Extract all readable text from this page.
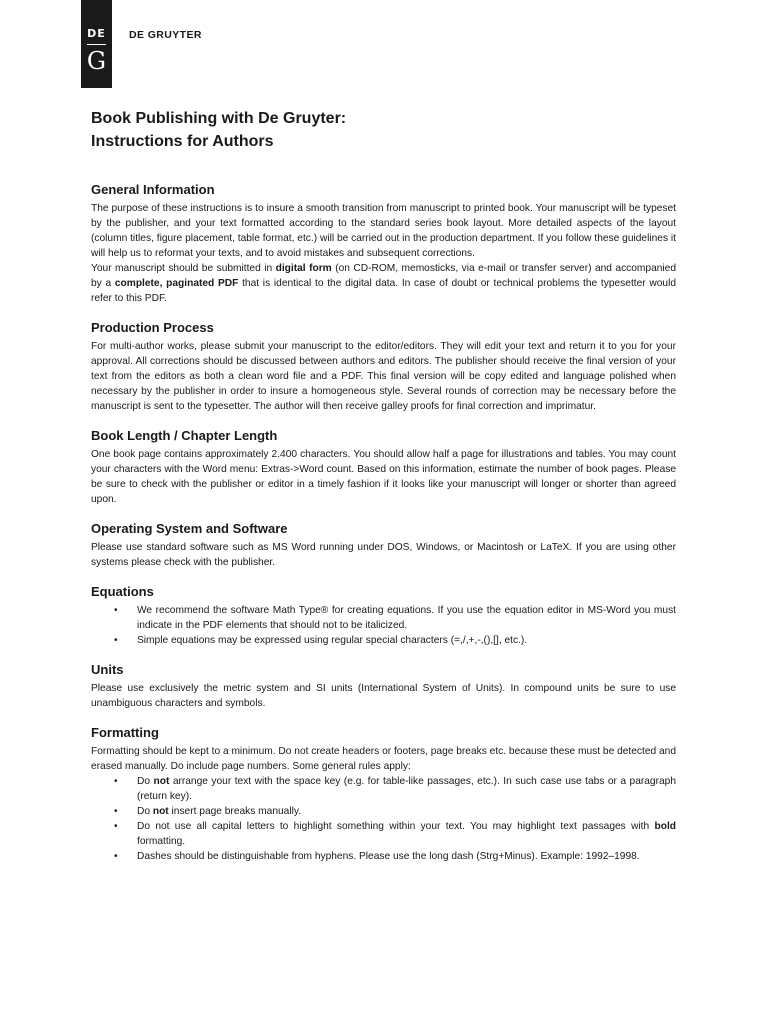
DE
G
DE GRUYTER
Book Publishing with De Gruyter:
Instructions for Authors
General Information

The purpose of these instructions is to insure a smooth transition from manuscript to printed book. Your manuscript will be typeset by the publisher, and your text formatted according to the standard series book layout. More detailed aspects of the layout (column titles, figure placement, table format, etc.) will be carried out in the production department. If you follow these guidelines it will help us to reformat your texts, and to avoid mistakes and subsequent corrections.

Your manuscript should be submitted in digital form (on CD-ROM, memosticks, via e-mail or transfer server) and accompanied by a complete, paginated PDF that is identical to the digital data. In case of doubt or technical problems the typesetter would refer to this PDF.

Production Process

For multi-author works, please submit your manuscript to the editor/editors. They will edit your text and return it to you for your approval. All corrections should be discussed between authors and editors. The publisher should receive the final version of your text from the editors as both a clean word file and a PDF. This final version will be copy edited and language polished when necessary by the publisher in order to insure a homogeneous style. Several rounds of correction may be necessary before the manuscript is sent to the typesetter. The author will then receive galley proofs for final correction and imprimatur.

Book Length / Chapter Length

One book page contains approximately 2.400 characters. You should allow half a page for illustrations and tables. You may count your characters with the Word menu: Extras->Word count. Based on this information, estimate the number of book pages. Please be sure to check with the publisher or editor in a timely fashion if it looks like your manuscript will longer or shorter than agreed upon.

Operating System and Software

Please use standard software such as MS Word running under DOS, Windows, or Macintosh or LaTeX. If you are using other systems please check with the publisher.

Equations
• We recommend the software Math Type® for creating equations. If you use the equation editor in MS-Word you must indicate in the PDF elements that should not to be italicized.
• Simple equations may be expressed using regular special characters (=,/,+,-,(),[], etc.).
Units

Please use exclusively the metric system and SI units (International System of Units). In compound units be sure to use unambiguous characters and symbols.

Formatting

Formatting should be kept to a minimum. Do not create headers or footers, page breaks etc. because these must be detected and erased manually. Do include page numbers. Some general rules apply:

• Do not arrange your text with the space key (e.g. for table-like passages, etc.). In such case use tabs or a paragraph (return key).
• Do not insert page breaks manually.
• Do not use all capital letters to highlight something within your text. You may highlight text passages with bold formatting.
• Dashes should be distinguishable from hyphens. Please use the long dash (Strg+Minus). Example: 1992–1998.
